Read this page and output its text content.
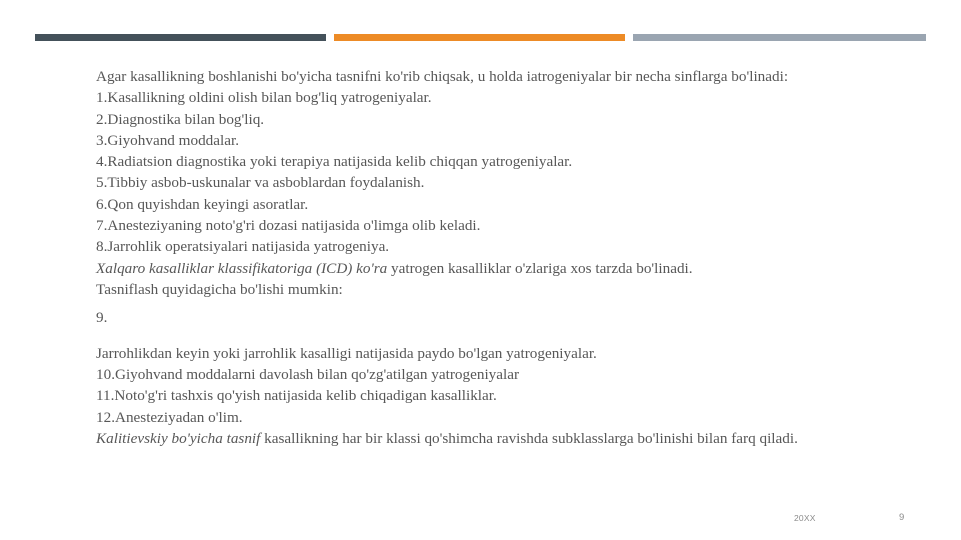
Agar kasallikning boshlanishi bo'yicha tasnifni ko'rib chiqsak, u holda iatrogeniyalar bir necha sinflarga bo'linadi:

1.Kasallikning oldini olish bilan bog'liq yatrogeniyalar.

2.Diagnostika bilan bog'liq.

3.Giyohvand moddalar.

4.Radiatsion diagnostika yoki terapiya natijasida kelib chiqqan yatrogeniyalar.

5.Tibbiy asbob-uskunalar va asboblardan foydalanish.

6.Qon quyishdan keyingi asoratlar.

7.Anesteziyaning noto'g'ri dozasi natijasida o'limga olib keladi.

8.Jarrohlik operatsiyalari natijasida yatrogeniya.

Xalqaro kasalliklar klassifikatoriga (ICD) ko'ra yatrogen kasalliklar o'zlariga xos tarzda bo'linadi.

Tasniflash quyidagicha bo'lishi mumkin:

Jarrohlikdan keyin yoki jarrohlik kasalligi natijasida paydo bo'lgan yatrogeniyalar.

10.Giyohvand moddalarni davolash bilan qo'zg'atilgan yatrogeniyalar

11.Noto'g'ri tashxis qo'yish natijasida kelib chiqadigan kasalliklar.

12.Anesteziyadan o'lim.

Kalitievskiy bo'yicha tasnif kasallikning har bir klassi qo'shimcha ravishda subklasslarga bo'linishi bilan farq qiladi.

9.
20XX	9
